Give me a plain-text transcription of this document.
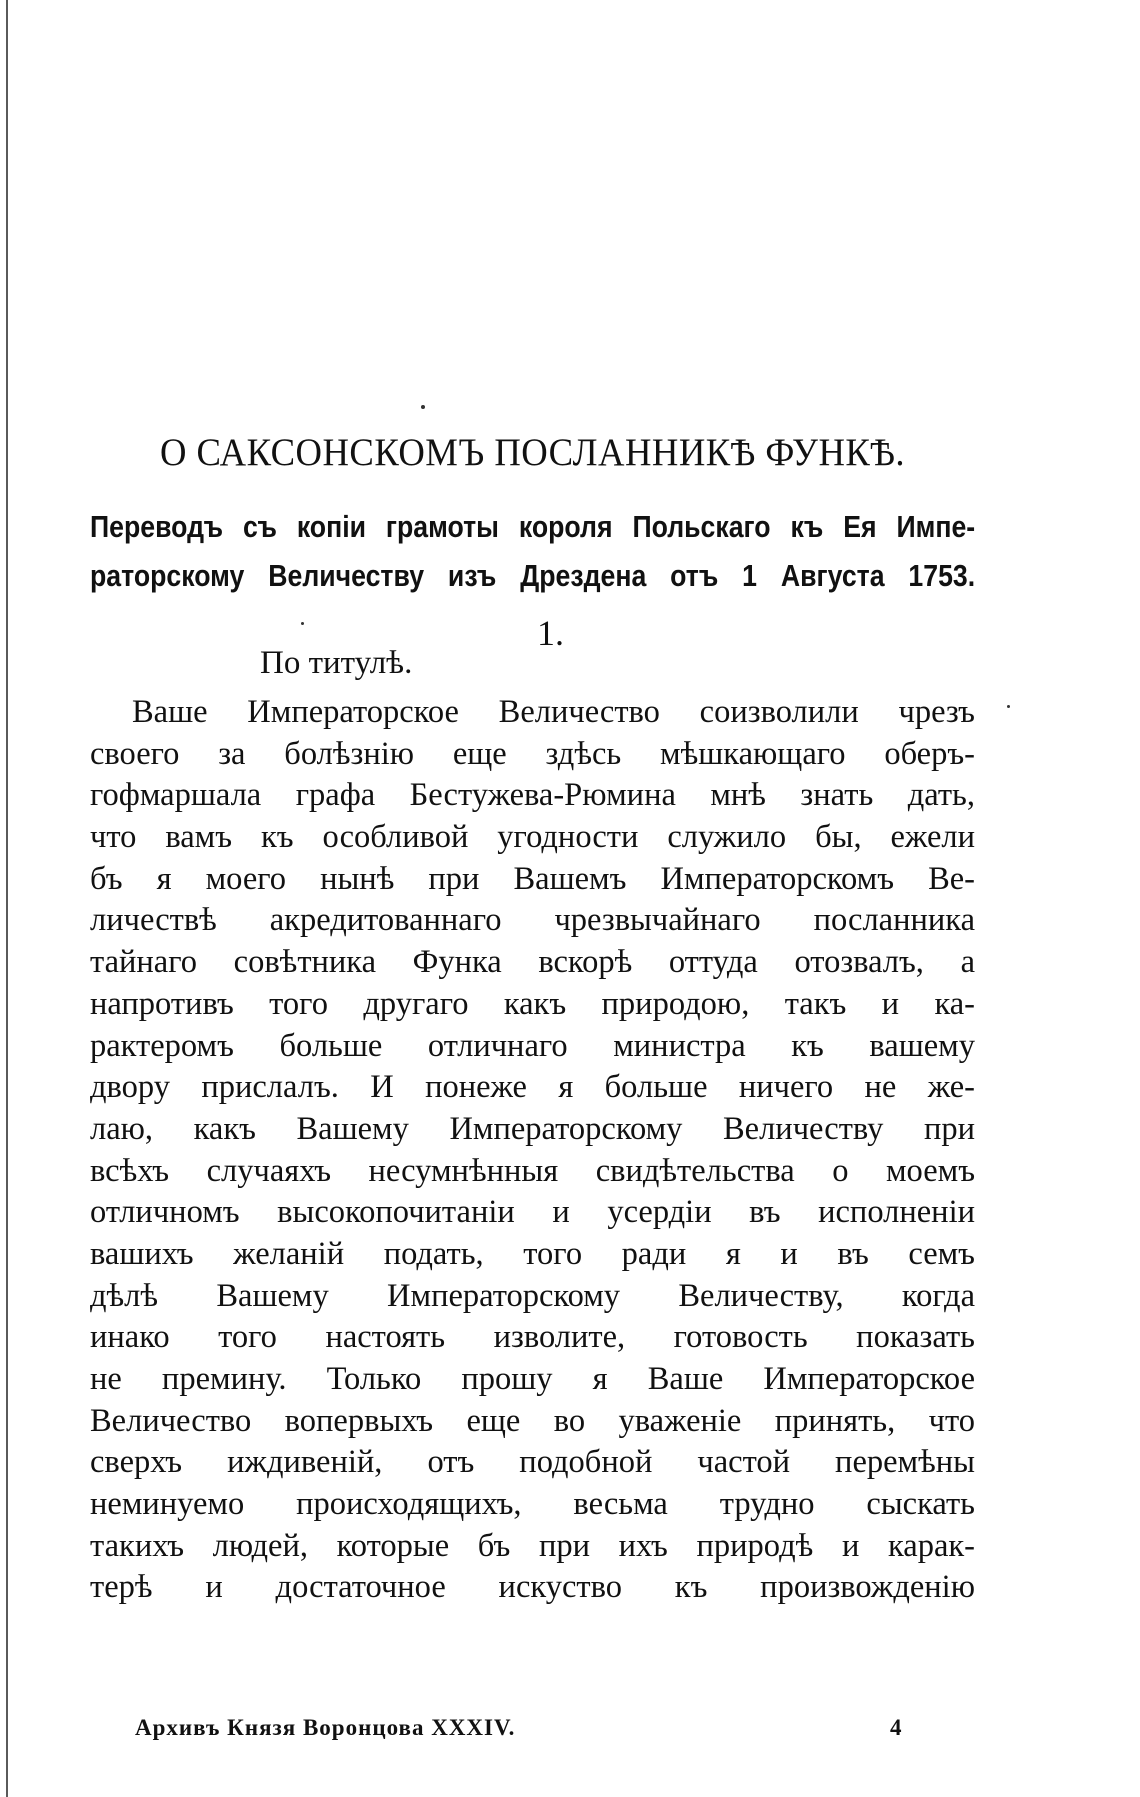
О САКСОНСКОМЪ ПОСЛАННИКѢ ФУНКѢ.
Переводъ съ копіи грамоты короля Польскаго къ Ея Импе-
раторскому Величеству изъ Дрездена отъ 1 Августа 1753.
1.
По титулѣ.
Ваше Императорское Величество соизволили чрезъ
своего за болѣзнію еще здѣсь мѣшкающаго оберъ-
гофмаршала графа Бестужева-Рюмина мнѣ знать дать,
что вамъ къ особливой угодности служило бы, ежели
бъ я моего нынѣ при Вашемъ Императорскомъ Ве-
личествѣ акредитованнаго чрезвычайнаго посланника
тайнаго совѣтника Функа вскорѣ оттуда отозвалъ, а
напротивъ того другаго какъ природою, такъ и ка-
рактеромъ больше отличнаго министра къ вашему
двору прислалъ. И понеже я больше ничего не же-
лаю, какъ Вашему Императорскому Величеству при
всѣхъ случаяхъ несумнѣнныя свидѣтельства о моемъ
отличномъ высокопочитаніи и усердіи въ исполненіи
вашихъ желаній подать, того ради я и въ семъ
дѣлѣ Вашему Императорскому Величеству, когда
инако того настоять изволите, готовость показать
не премину. Только прошу я Ваше Императорское
Величество вопервыхъ еще во уваженіе принять, что
сверхъ иждивеній, отъ подобной частой перемѣны
неминуемо происходящихъ, весьма трудно сыскать
такихъ людей, которые бъ при ихъ природѣ и карак-
терѣ и достаточное искуство къ произвожденію
Архивъ Князя Воронцова XXXIV.	4
